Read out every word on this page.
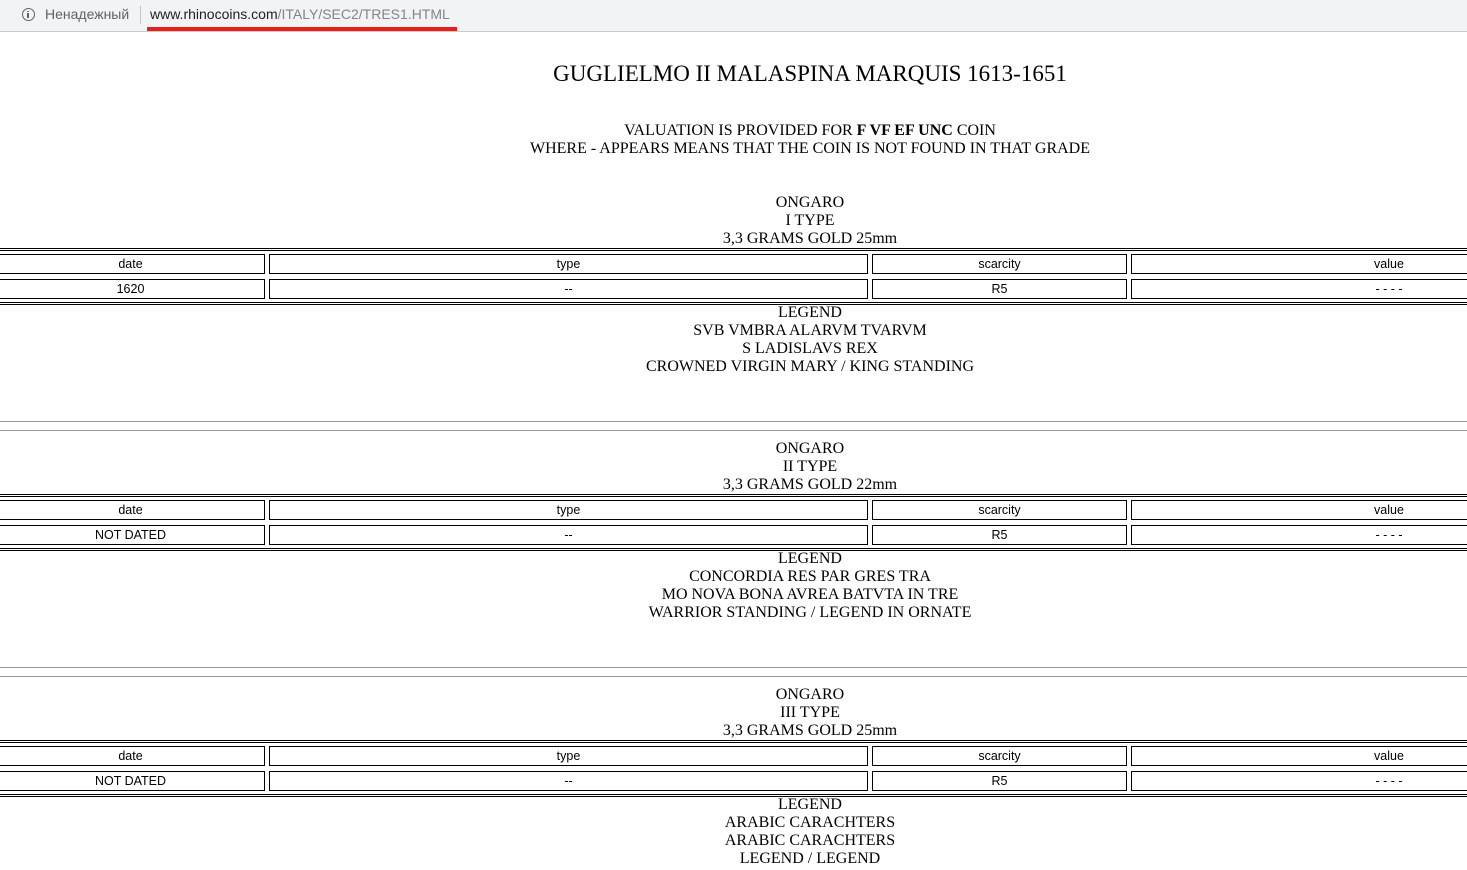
Ненадежный www.rhinocoins.com/ITALY/SEC2/TRES1.HTML
GUGLIELMO II MALASPINA MARQUIS 1613-1651
VALUATION IS PROVIDED FOR F VF EF UNC COIN
WHERE - APPEARS MEANS THAT THE COIN IS NOT FOUND IN THAT GRADE
ONGARO
I TYPE
3,3 GRAMS GOLD 25mm
date	type	scarcity	value
1620	--	R5	- - - -
LEGEND
SVB VMBRA ALARVM TVARVM
S LADISLAVS REX
CROWNED VIRGIN MARY / KING STANDING
ONGARO
II TYPE
3,3 GRAMS GOLD 22mm
date	type	scarcity	value
NOT DATED	--	R5	- - - -
LEGEND
CONCORDIA RES PAR GRES TRA
MO NOVA BONA AVREA BATVTA IN TRE
WARRIOR STANDING / LEGEND IN ORNATE
ONGARO
III TYPE
3,3 GRAMS GOLD 25mm
date	type	scarcity	value
NOT DATED	--	R5	- - - -
LEGEND
ARABIC CARACHTERS
ARABIC CARACHTERS
LEGEND / LEGEND
